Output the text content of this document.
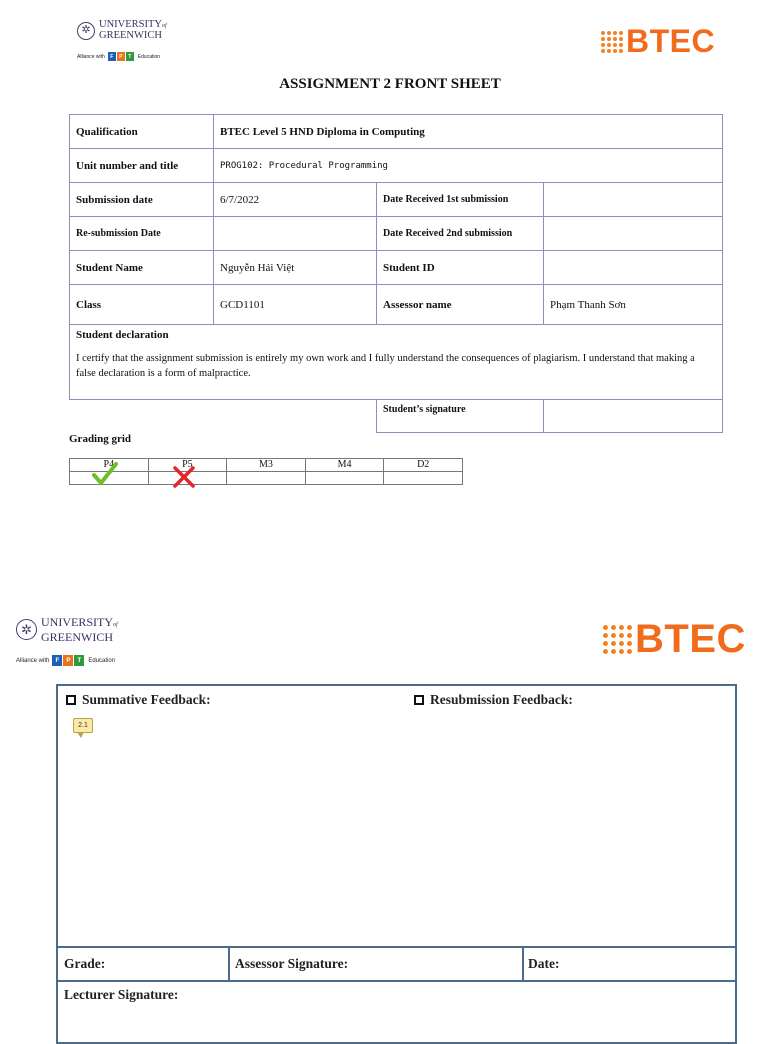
✲ UNIVERSITYof
GREENWICH
Alliance with	F	P	T	Education	BTEC
ASSIGNMENT 2 FRONT SHEET
Qualification	BTEC Level 5 HND Diploma in Computing		
Unit number and title	PROG102: Procedural Programming		
Submission date	6/7/2022	Date Received 1st submission	
Re-submission Date		Date Received 2nd submission	
Student Name	Nguyễn Hải Việt	Student ID	
Class	GCD1101	Assessor name	Phạm Thanh Sơn

Student declaration
I certify that the assignment submission is entirely my own work and I fully understand the consequences of plagiarism. I understand that making a false declaration is a form of malpractice.			

		Student’s signature	
Grading grid
P4	P5	M3	M4	D2

✲ UNIVERSITYof
GREENWICH
Alliance with	F	P	T	Education	BTEC
Summative Feedback:	Resubmission Feedback:
2.1
Grade:	Assessor Signature:	Date:
Lecturer Signature:
